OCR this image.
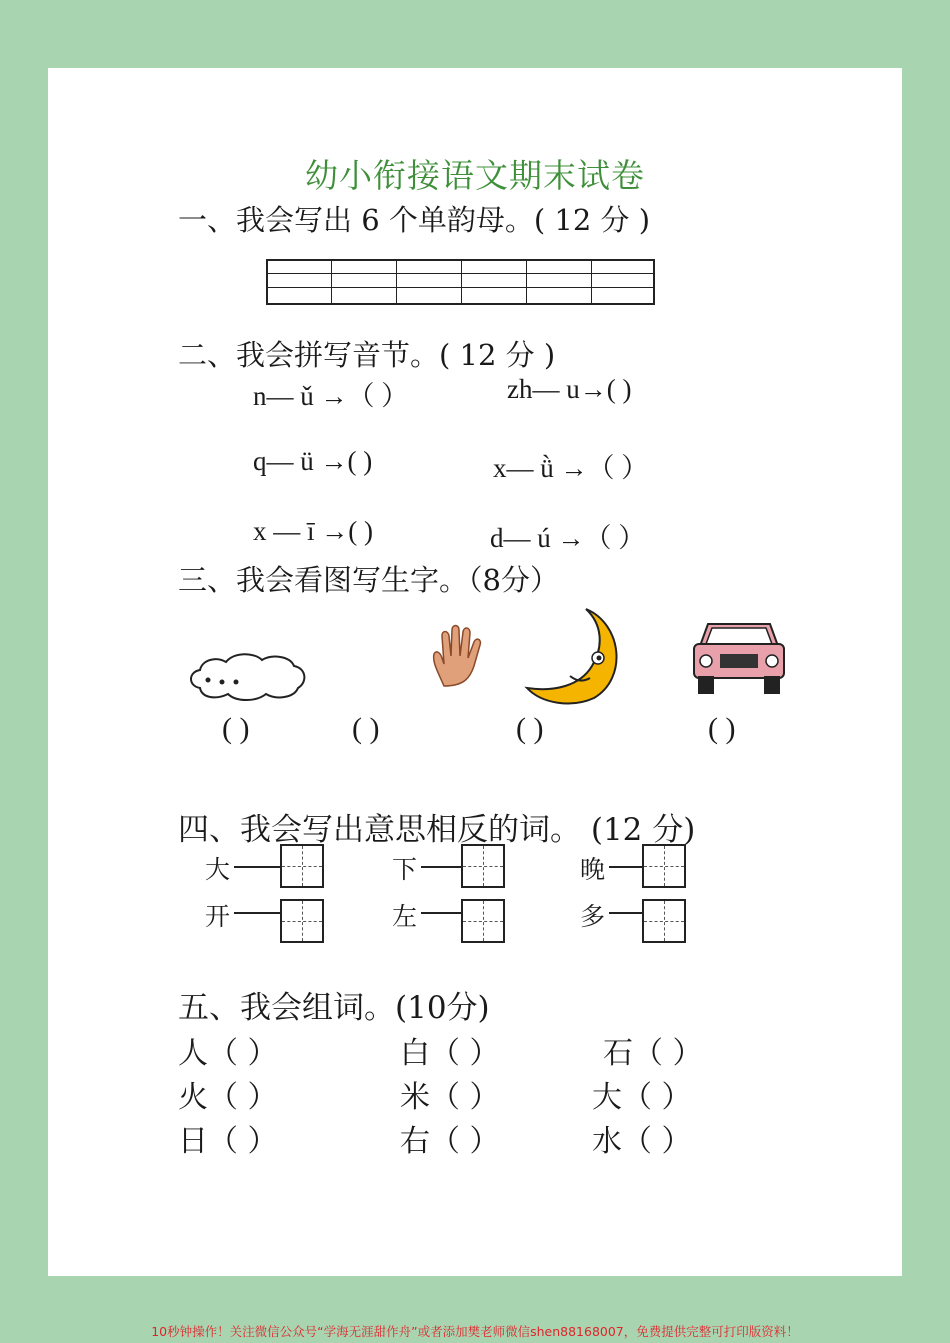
幼小衔接语文期末试卷
一、我会写出 6 个单韵母。( 12 分 )
二、我会拼写音节。( 12 分 )
n— ǔ →（ ）	zh— u→( )
q— ü →( )	x— ǜ →（ ）
x — ī →( )	d— ú →（ ）
三、我会看图写生字。（8分）
( )	( )	( )	( )
四、我会写出意思相反的词。 (12 分)
大	下	晚
开	左	多
五、我会组词。(10分)
人（ ）	白（ ）	石（ ）
火（ ）	米（ ）	大（ ）
日（ ）	右（ ）	水（ ）
10秒钟操作！关注微信公众号“学海无涯甜作舟”或者添加樊老师微信shen88168007，免费提供完整可打印版资料！
